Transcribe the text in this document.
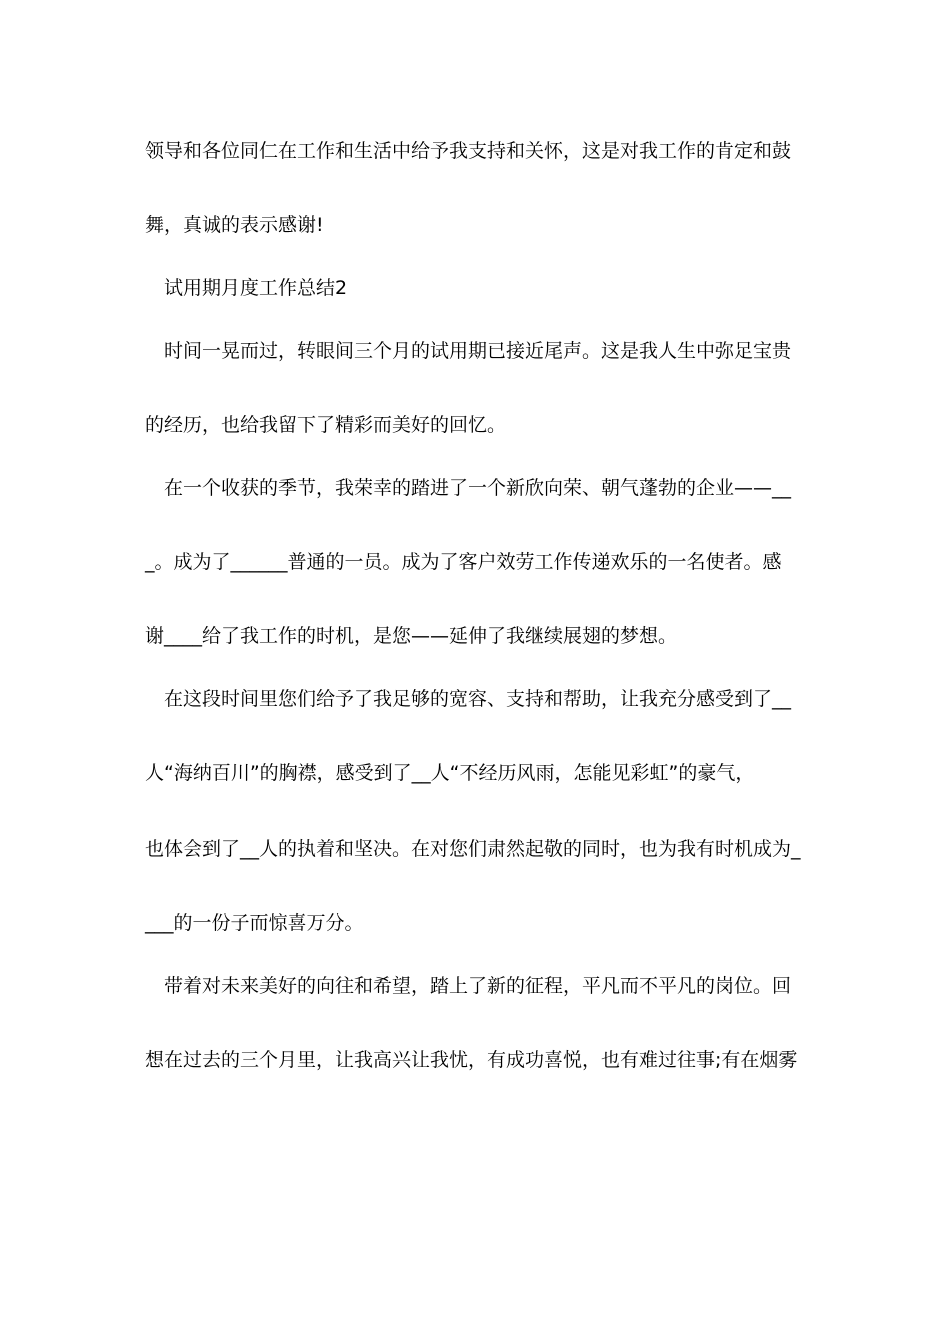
领导和各位同仁在工作和生活中给予我支持和关怀，这是对我工作的肯定和鼓
舞，真诚的表示感谢!
试用期月度工作总结2
时间一晃而过，转眼间三个月的试用期已接近尾声。这是我人生中弥足宝贵
的经历，也给我留下了精彩而美好的回忆。
在一个收获的季节，我荣幸的踏进了一个新欣向荣、朝气蓬勃的企业——__
_。成为了______普通的一员。成为了客户效劳工作传递欢乐的一名使者。感
谢____给了我工作的时机，是您——延伸了我继续展翅的梦想。
在这段时间里您们给予了我足够的宽容、支持和帮助，让我充分感受到了__
人“海纳百川”的胸襟，感受到了__人“不经历风雨，怎能见彩虹”的豪气，
也体会到了__人的执着和坚决。在对您们肃然起敬的同时，也为我有时机成为_
___的一份子而惊喜万分。
带着对未来美好的向往和希望，踏上了新的征程，平凡而不平凡的岗位。回
想在过去的三个月里，让我高兴让我忧，有成功喜悦，也有难过往事;有在烟雾
